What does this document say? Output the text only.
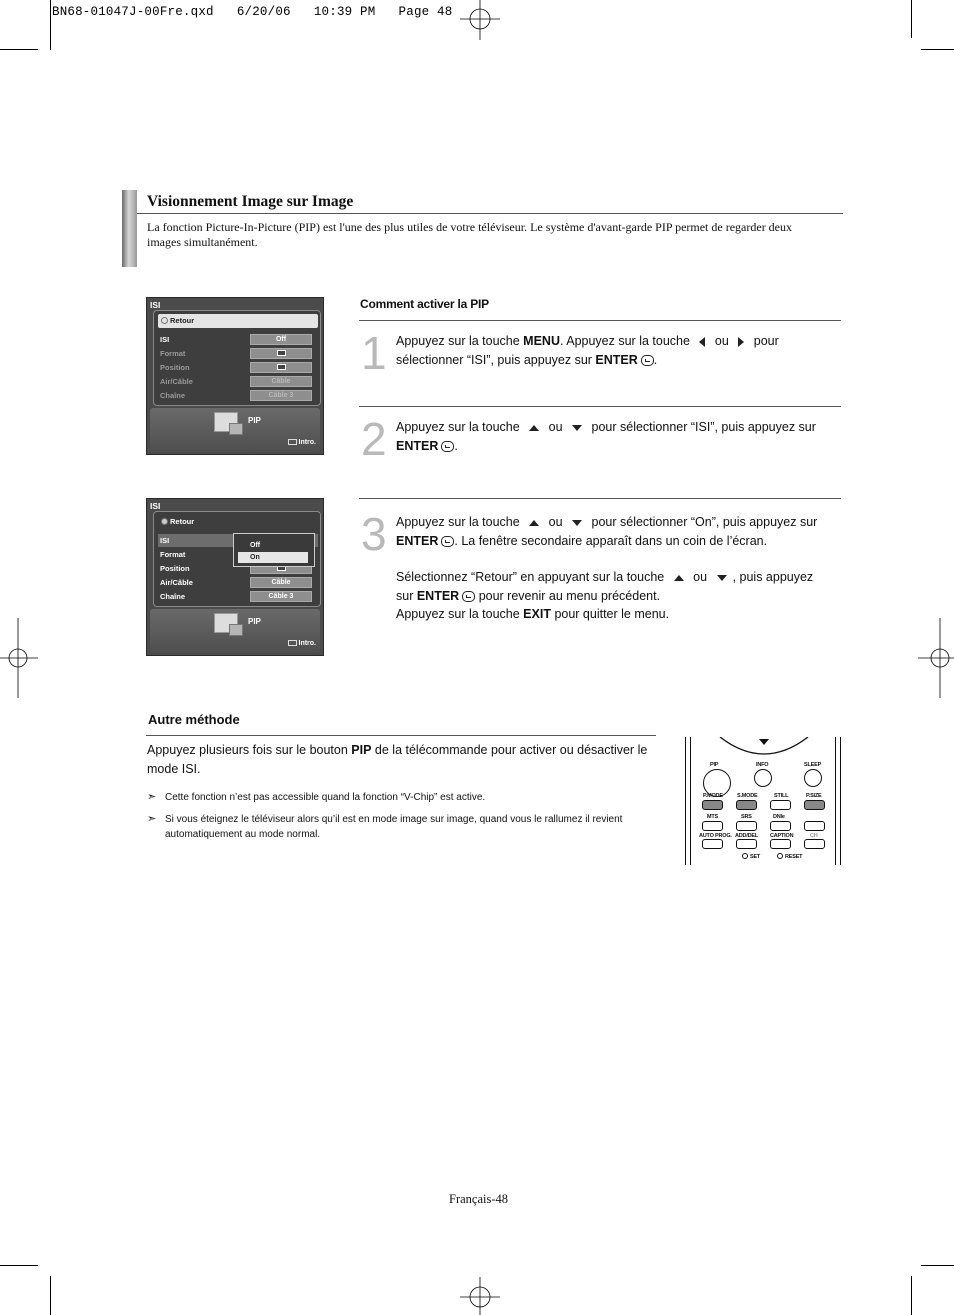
BN68-01047J-00Fre.qxd   6/20/06   10:39 PM   Page 48
Visionnement Image sur Image
La fonction Picture-In-Picture (PIP) est l'une des plus utiles de votre téléviseur. Le système d'avant-garde PIP permet de regarder deux images simultanément.
ISI
Retour
ISI	Off
Format
Position
Air/Câble	Câble
Chaîne	Câble 3
PIP
Intro.
ISI
Retour
ISI
Format
Position
Air/Câble	Câble
Chaîne	Câble 3
Off
On
PIP
Intro.
Comment activer la PIP
1 Appuyez sur la touche MENU. Appuyez sur la touche  ou  pour sélectionner “ISI”, puis appuyez sur ENTER .
2 Appuyez sur la touche  ou  pour sélectionner “ISI”, puis appuyez sur ENTER .
3 Appuyez sur la touche  ou  pour sélectionner “On”, puis appuyez sur ENTER . La fenêtre secondaire apparaît dans un coin de l’écran.
Sélectionnez “Retour” en appuyant sur la touche  ou , puis appuyez sur ENTER pour revenir au menu précédent.
Appuyez sur la touche EXIT pour quitter le menu.
Autre méthode
Appuyez plusieurs fois sur le bouton PIP de la télécommande pour activer ou désactiver le mode ISI.
➣ Cette fonction n’est pas accessible quand la fonction “V-Chip” est active.
➣ Si vous éteignez le téléviseur alors qu’il est en mode image sur image, quand vous le rallumez il revient automatiquement au mode normal.
PIP	INFO	SLEEP
P.MODE	S.MODE	STILL	P.SIZE
MTS	SRS	DNIe
AUTO PROG. ADD/DEL CAPTION	CH
SET	RESET
Français-48
